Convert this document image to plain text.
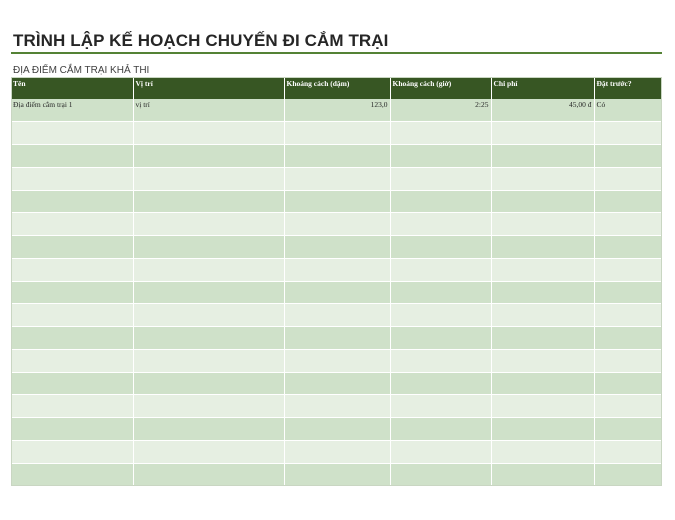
TRÌNH LẬP KẾ HOẠCH CHUYẾN ĐI CẮM TRẠI
ĐỊA ĐIỂM CẮM TRẠI KHẢ THI
Tên	Vị trí	Khoảng cách (dặm)	Khoảng cách (giờ)	Chi phí	Đặt trước?
Địa điểm cắm trại 1	vị trí	123,0	2:25	45,00 đ	Có
